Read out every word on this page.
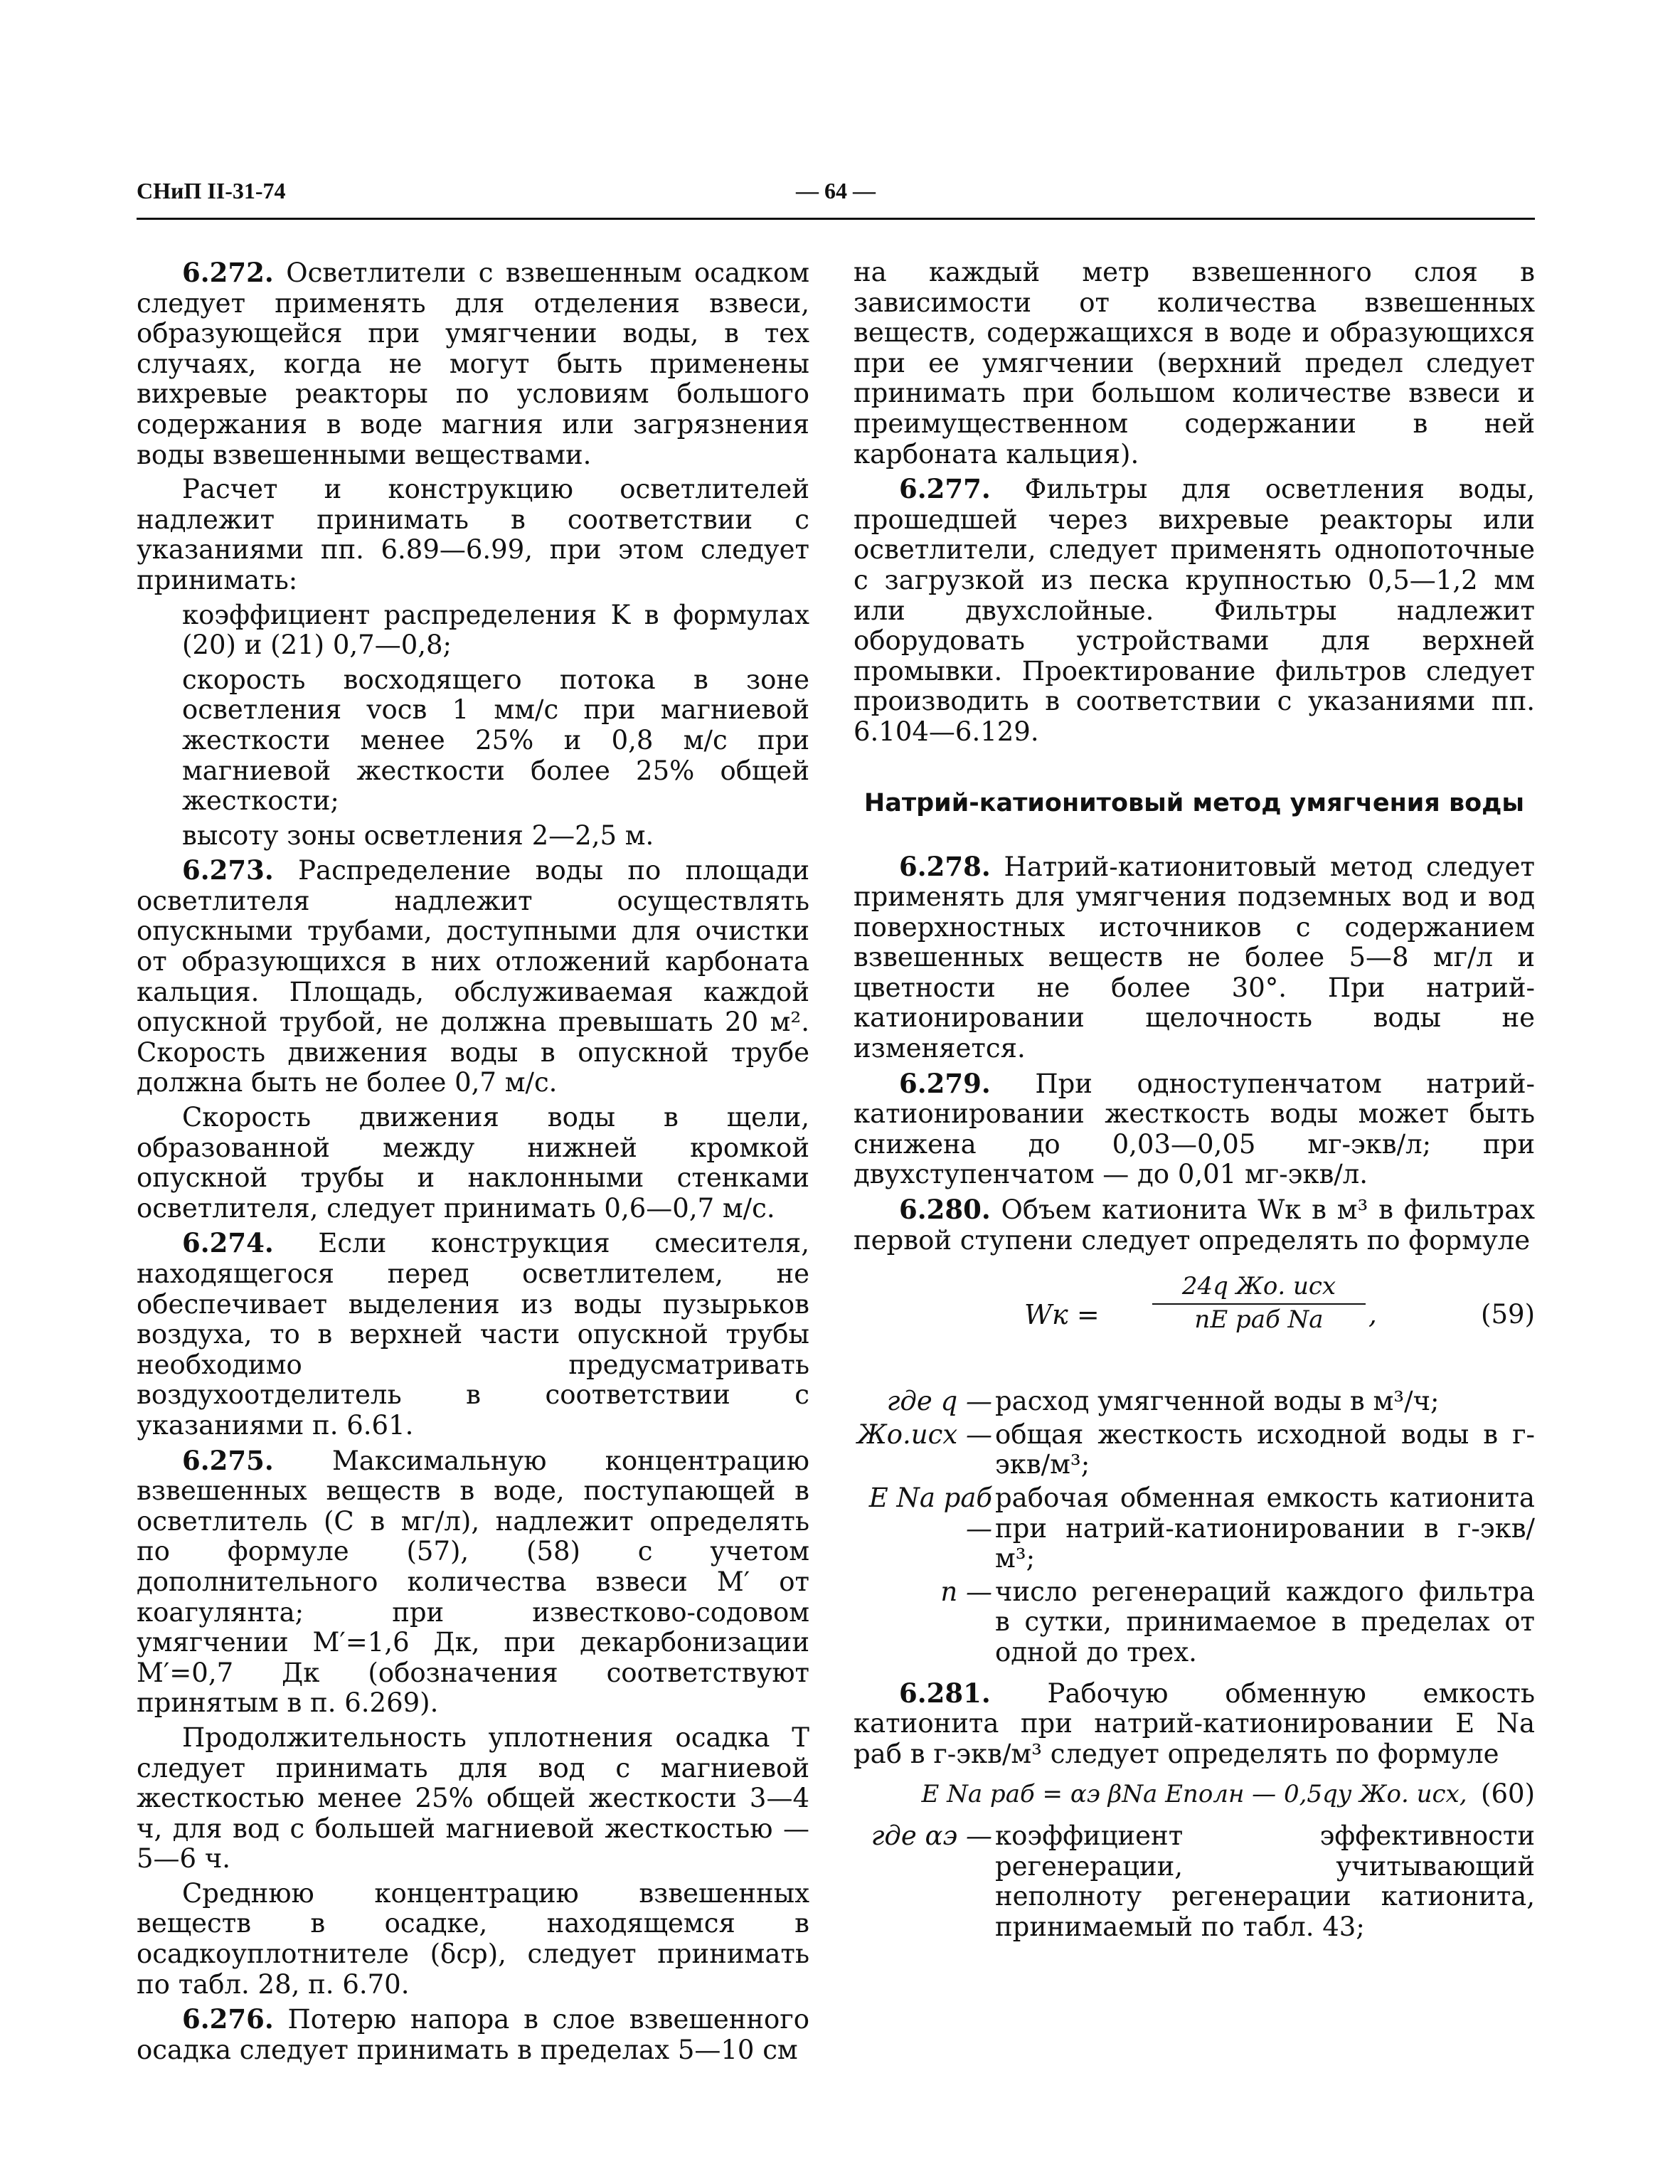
СНиП II-31-74	— 64 —

6.272. Осветлители с взвешенным осадком следует применять для отделения взвеси, образующейся при умягчении воды, в тех случаях, когда не могут быть применены вихревые реакторы по условиям большого содержания в воде магния или загрязнения воды взвешенными веществами.

Расчет и конструкцию осветлителей надлежит принимать в соответствии с указаниями пп. 6.89—6.99, при этом следует принимать:

коэффициент распределения K в формулах (20) и (21) 0,7—0,8;

скорость восходящего потока в зоне осветления vосв 1 мм/с при магниевой жесткости менее 25% и 0,8 м/с при магниевой жесткости более 25% общей жесткости;

высоту зоны осветления 2—2,5 м.

6.273. Распределение воды по площади осветлителя надлежит осуществлять опускными трубами, доступными для очистки от образующихся в них отложений карбоната кальция. Площадь, обслуживаемая каждой опускной трубой, не должна превышать 20 м². Скорость движения воды в опускной трубе должна быть не более 0,7 м/с.

Скорость движения воды в щели, образованной между нижней кромкой опускной трубы и наклонными стенками осветлителя, следует принимать 0,6—0,7 м/с.

6.274. Если конструкция смесителя, находящегося перед осветлителем, не обеспечивает выделения из воды пузырьков воздуха, то в верхней части опускной трубы необходимо предусматривать воздухоотделитель в соответствии с указаниями п. 6.61.

6.275. Максимальную концентрацию взвешенных веществ в воде, поступающей в осветлитель (C в мг/л), надлежит определять по формуле (57), (58) с учетом дополнительного количества взвеси M′ от коагулянта; при известково-содовом умягчении M′=1,6 Дк, при декарбонизации M′=0,7 Дк (обозначения соответствуют принятым в п. 6.269).

Продолжительность уплотнения осадка T следует принимать для вод с магниевой жесткостью менее 25% общей жесткости 3—4 ч, для вод с большей магниевой жесткостью — 5—6 ч.

Среднюю концентрацию взвешенных веществ в осадке, находящемся в осадкоуплотнителе (δср), следует принимать по табл. 28, п. 6.70.

6.276. Потерю напора в слое взвешенного осадка следует принимать в пределах 5—10 см

на каждый метр взвешенного слоя в зависимости от количества взвешенных веществ, содержащихся в воде и образующихся при ее умягчении (верхний предел следует принимать при большом количестве взвеси и преимущественном содержании в ней карбоната кальция).

6.277. Фильтры для осветления воды, прошедшей через вихревые реакторы или осветлители, следует применять однопоточные с загрузкой из песка крупностью 0,5—1,2 мм или двухслойные. Фильтры надлежит оборудовать устройствами для верхней промывки. Проектирование фильтров следует производить в соответствии с указаниями пп. 6.104—6.129.

Натрий-катионитовый метод умягчения воды

6.278. Натрий-катионитовый метод следует применять для умягчения подземных вод и вод поверхностных источников с содержанием взвешенных веществ не более 5—8 мг/л и цветности не более 30°. При натрий-катионировании щелочность воды не изменяется.

6.279. При одноступенчатом натрий-катионировании жесткость воды может быть снижена до 0,03—0,05 мг-экв/л; при двухступенчатом — до 0,01 мг-экв/л.

6.280. Объем катионита Wк в м³ в фильтрах первой ступени следует определять по формуле

Wк =
24q Жо. исх
nE раб Na	,	(59)
где q — расход умягченной воды в м³/ч;
Жо.исх — общая жесткость исходной воды в г-экв/м³;
E Na раб —
рабочая обменная емкость катионита при натрий-катионировании в г-экв/м³;
n — число регенераций каждого фильтра в сутки, принимаемое в пределах от одной до трех.

6.281. Рабочую обменную емкость катионита при натрий-катионировании E Na раб в г-экв/м³ следует определять по формуле

E Na раб = αэ βNa Eполн — 0,5qу Жо. исх, (60)
где αэ — коэффициент эффективности регенерации, учитывающий неполноту регенерации катионита, принимаемый по табл. 43;
